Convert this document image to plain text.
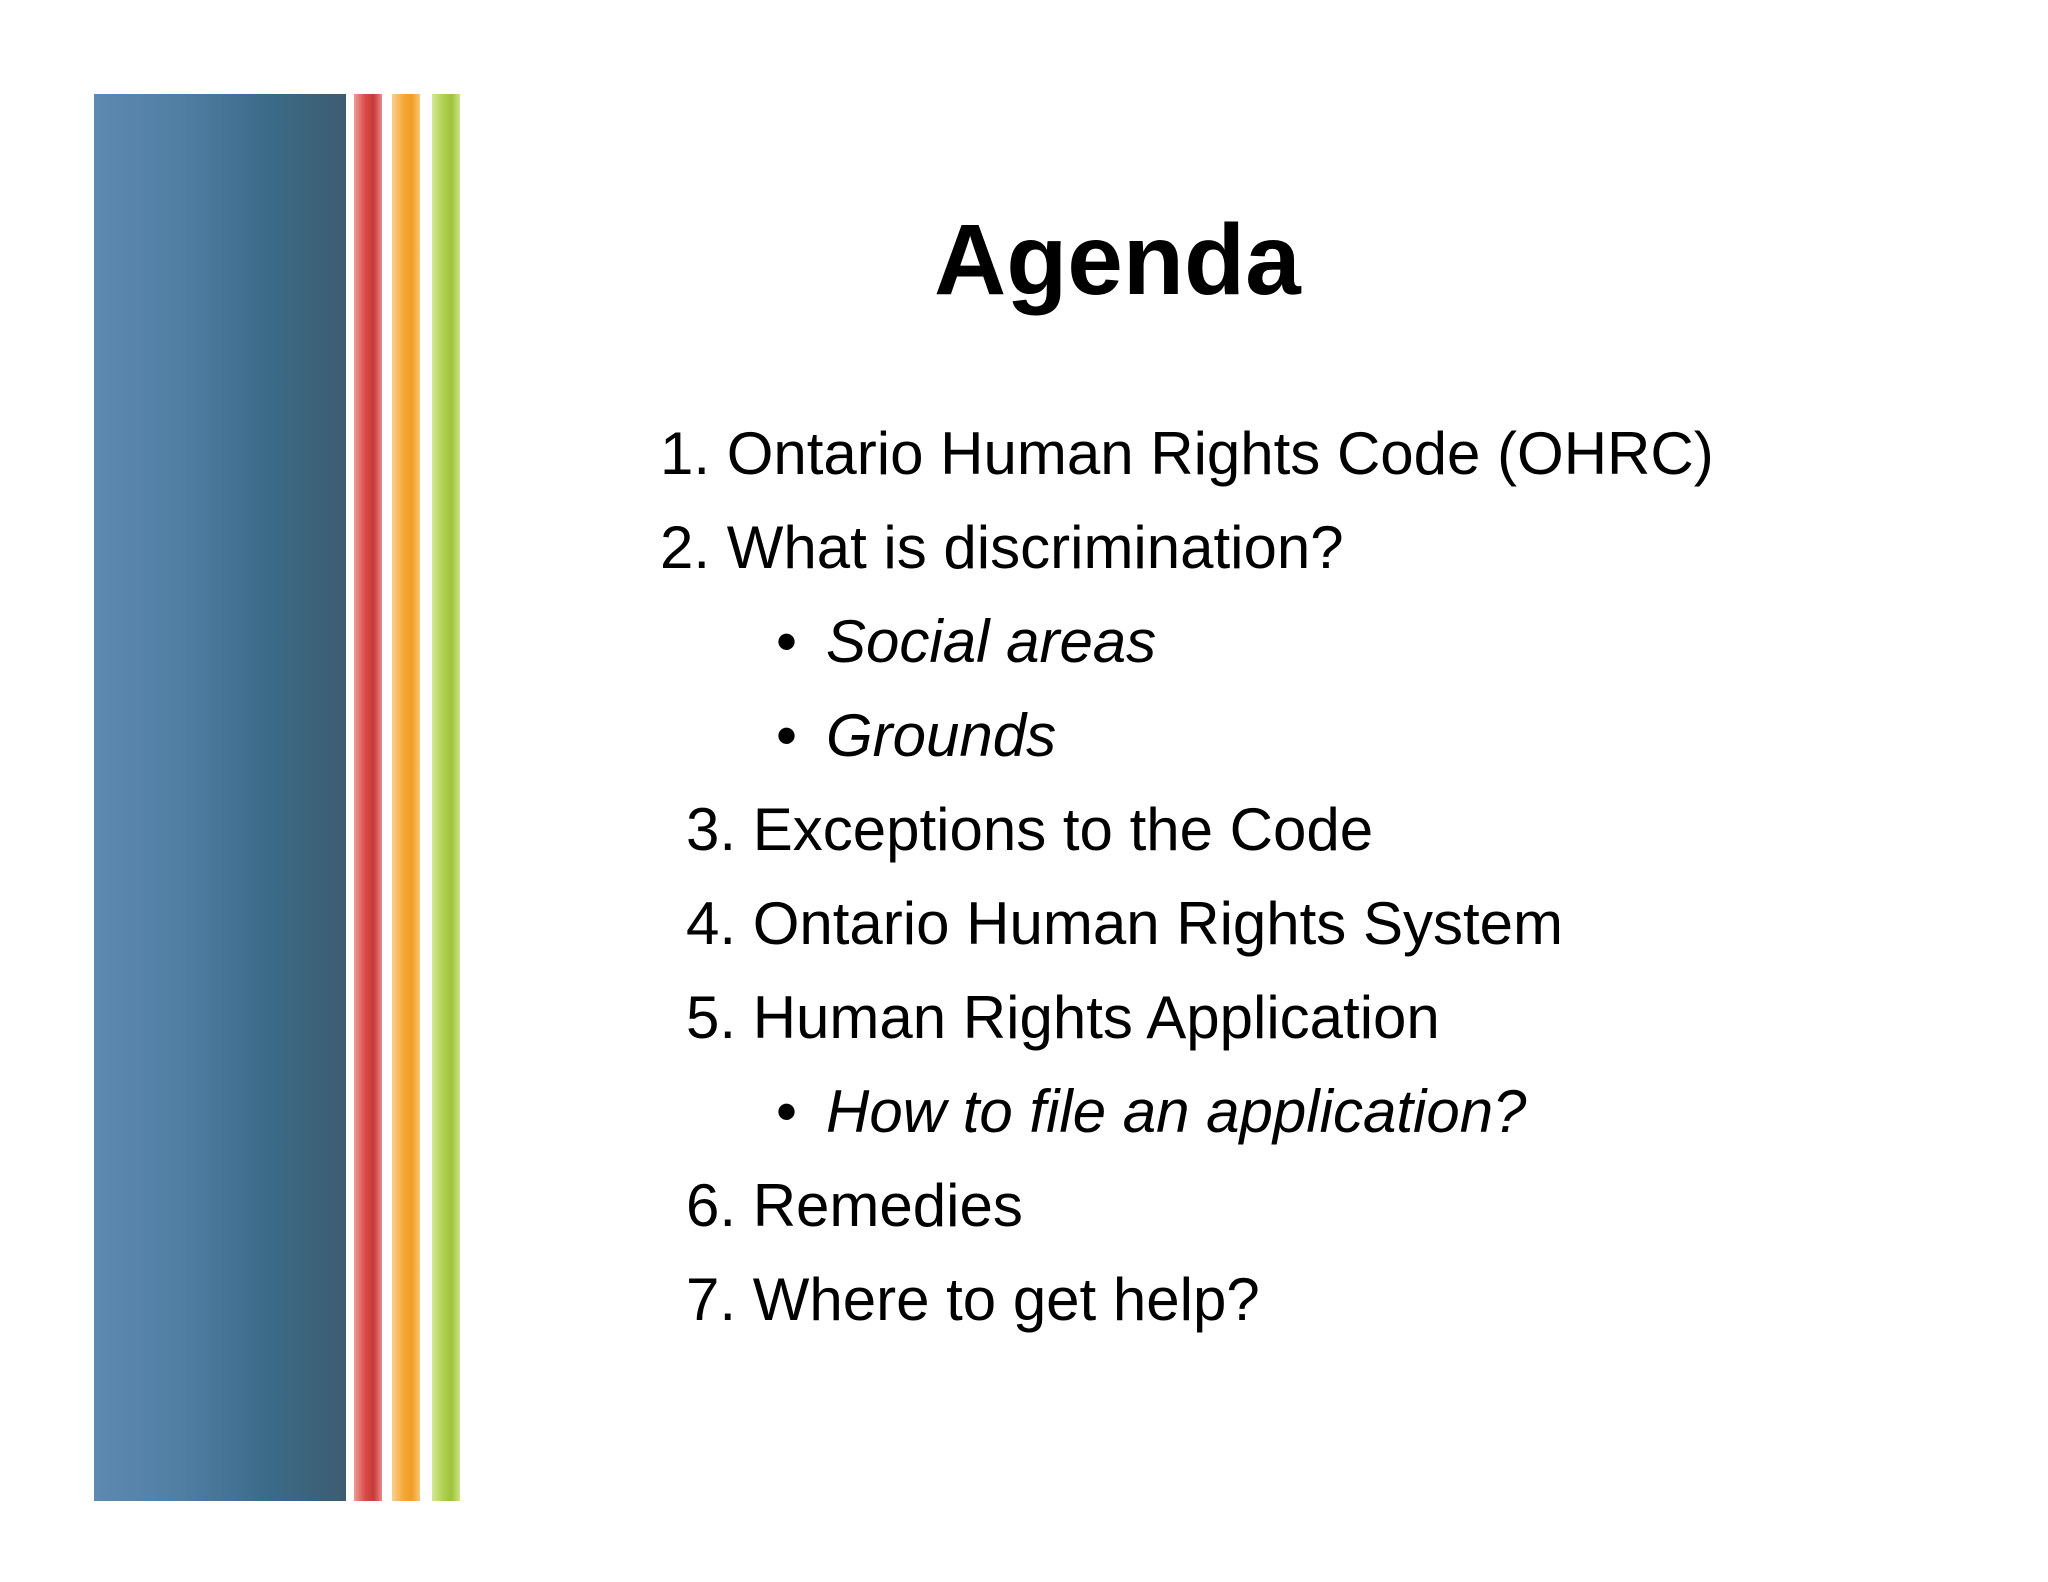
Agenda

1. Ontario Human Rights Code (OHRC)

2. What is discrimination?

• Social areas

• Grounds

3. Exceptions to the Code

4. Ontario Human Rights System

5. Human Rights Application

• How to file an application?

6. Remedies

7. Where to get help?
